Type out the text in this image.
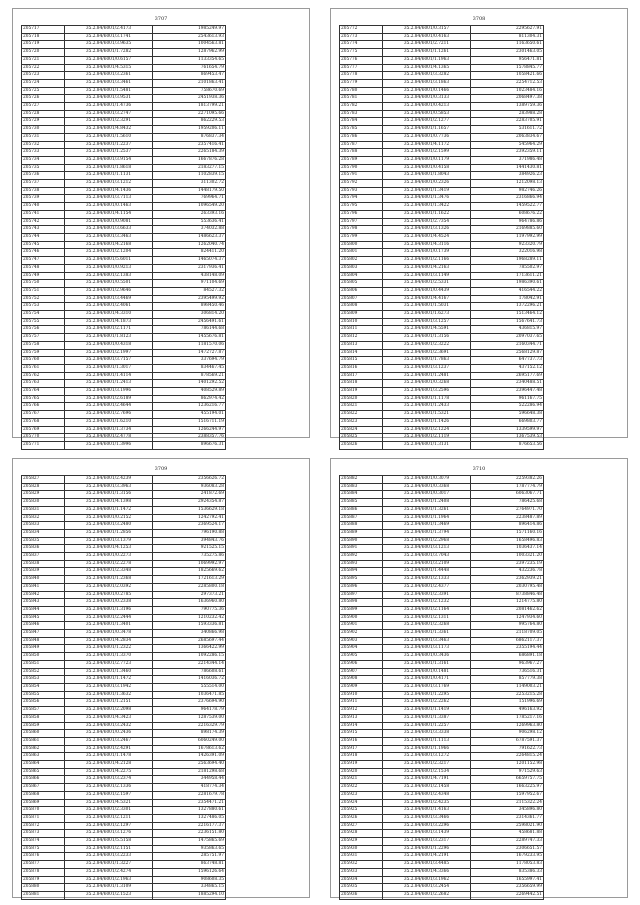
3707
205717	35.2.84/6001/2.4173	1985249.97
205718	35.2.84/6001/3.1741	2543613.93
205719	35.2.84/6001/3.9635	1004563.81
205720	35.2.84/6001/1.7282	1287962.99
205721	35.2.84/6001/0.6157	1133354.65
205722	35.2.84/6001/4.5315	761654.79
205723	35.2.84/6001/3.2361	869453.47
205724	35.2.84/6001/3.3461	2101863.41
205725	35.2.84/6001/1.5481	758670.69
205726	35.2.84/6001/3.9531	2451938.36
205727	35.2.84/6001/1.4736	1813799.21
205728	35.2.84/6001/3.2747	2271095.66
205729	35.2.84/6001/2.3291	862229.53
205730	35.2.84/6001/4.8432	1959206.11
205731	35.2.84/6001/1.5610	876837.34
205732	35.2.84/6001/1.2237	2357416.41
205733	35.2.84/6001/1.2537	2265184.39
205734	35.2.84/6001/3.9154	1667876.28
205735	35.2.84/6001/1.8618	2183277.15
205736	35.2.84/6001/1.1131	1102839.15
205737	35.2.84/6001/3.1212	311302.72
205738	35.2.84/6001/4.1436	1448179.50
205739	35.2.84/6001/3.7113	769964.71
205740	35.2.84/6001/0.1463	1096549.20
205741	35.2.84/6001/4.1154	263393.16
205742	35.2.84/6001/0.9081	553636.41
205743	35.2.84/6001/3.6633	374032.88
205744	35.2.84/6001/3.3463	1486623.37
205745	35.2.84/6001/4.2168	1262040.74
205746	35.2.84/6001/2.1204	824411.20
205747	35.2.84/6001/5.6011	1465074.37
205748	35.2.84/6001/0.9213	2317936.41
205749	35.2.84/6001/2.1383	438148.09
205750	35.2.84/6001/0.5501	971104.69
205751	35.2.84/6001/2.9646	84527.32
205752	35.2.84/6001/3.4469	2395499.92
205753	35.2.84/6001/2.4061	898450.46
205754	35.2.84/6001/4.3310	306814.20
205755	35.2.84/6001/4.1873	2456491.61
205756	35.2.84/6001/2.1171	786144.68
205757	35.2.84/6001/1.8123	1455676.81
205758	35.2.84/6001/0.4318	1181570.06
205759	35.2.84/6001/2.1997	1472727.87
205760	35.2.84/6001/3.7157	337694.79
205761	35.2.84/6001/1.3017	834467.45
205762	35.2.84/6001/1.4114	878569.21
205763	35.2.84/6001/1.2413	1401292.52
205764	35.2.84/6001/3.1996	408529.89
205765	35.2.84/6001/2.6189	862974.42
205766	35.2.84/6001/2.4644	1236216.77
205767	35.2.84/6001/2.7696	455194.01
205768	35.2.84/6001/1.6210	1516711.19
205769	35.2.84/6001/1.3734	1266244.97
205770	35.2.84/6001/2.4778	2388357.76
205771	35.2.84/6001/1.3996	896676.31
3708
205772	35.2.84/6001/0.3157	2295627.91
205773	35.2.84/6001/0.4163	811304.31
205774	35.2.84/6001/2.7211	1163650.61
205775	35.2.84/6001/1.1261	2301463.05
205776	35.2.84/6001/1.1963	956471.81
205777	35.2.84/6001/4.1365	1578845.77
205778	35.2.84/6001/3.3282	1058421.66
205779	35.2.84/6001/3.1863	2254712.53
205780	35.2.84/6001/0.1466	1023484.16
205781	35.2.84/6001/0.3133	2068497.38
205782	35.2.84/6001/0.4213	1389759.36
205783	35.2.84/6001/0.5853	283988.28
205784	35.2.84/6001/2.1277	2283705.91
205785	35.2.84/6001/1.1657	531611.72
205786	35.2.84/6001/0.7736	2063834.67
205787	35.2.84/6001/4.1172	545964.29
205788	35.2.84/6001/2.1599	2392359.11
205789	35.2.84/6001/0.1179	371986.48
205790	35.2.84/6001/0.4158	1441430.81
205791	35.2.84/6001/1.8043	384926.23
205792	35.2.84/6001/0.2326	1212098.13
205793	35.2.84/6001/1.3419	982746.26
205794	35.2.84/6001/1.3476	2316866.94
205795	35.2.84/6001/1.3422	1459522.77
205796	35.2.84/6001/1.1622	608676.22
205797	35.2.84/6001/2.7354	964786.86
205798	35.2.84/6001/3.1326	2169885.60
205799	35.2.84/6001/4.4524	1197992.99
205800	35.2.84/6001/4.3116	923320.79
205801	35.2.84/6001/0.1739	322016.98
205802	35.2.84/6001/2.1166	1968289.11
205803	35.2.84/6001/4.2163	785502.97
205804	35.2.84/6001/3.1149	1713611.21
205805	35.2.84/6001/2.5331	1986390.61
205806	35.2.84/6001/0.4439	416544.22
205807	35.2.84/6001/4.4167	178042.91
205808	35.2.84/6001/1.5031	1372296.21
205809	35.2.84/6001/1.6273	1513464.12
205810	35.2.84/6001/3.1257	1567641.73
205811	35.2.84/6001/4.5591	436815.97
205812	35.2.84/6001/1.3156	2097037.65
205813	35.2.84/6001/2.3222	2160344.71
205814	35.2.84/6001/2.3691	2568129.87
205815	35.2.84/6001/1.7863	647737.73
205816	35.2.84/6001/3.1237	437152.12
205817	35.2.84/6001/1.2481	2695177.69
205818	35.2.84/6001/0.3268	2340488.51
205819	35.2.84/6001/3.2596	2396447.48
205820	35.2.84/6001/1.1178	961167.75
205821	35.2.84/6001/1.2433	522286.94
205822	35.2.84/6001/1.5321	596648.38
205823	35.2.84/6001/1.1426	669803.77
205824	35.2.84/6001/2.1224	1339599.97
205825	35.2.84/6001/2.1119	1367539.53
205826	35.2.84/6001/1.3131	876653.56
3709
205827	35.2.84/6001/2.4239	2356626.72
205828	35.2.84/6001/3.3963	936083.28
205829	35.2.84/6001/1.3156	241872.69
205830	35.2.84/6001/4.1398	2924354.87
205831	35.2.84/6001/1.1472	1536629.18
205832	35.2.84/6001/0.2152	1242792.41
205833	35.2.84/6001/3.2480	2369524.17
205834	35.2.84/6001/1.2856	796190.88
205835	35.2.84/6001/3.1379	394843.76
205836	35.2.84/6001/4.1253	921525.15
205837	35.2.84/6001/0.2273	735275.86
205838	35.2.84/6001/2.2278	1069992.97
205839	35.2.84/6001/2.3348	1825669.62
205840	35.2.84/6001/1.2368	1721613.29
205841	35.2.84/6001/2.0392	2285800.18
205842	35.2.84/6001/0.2785	297373.21
205843	35.2.84/6001/0.2338	1636960.80
205844	35.2.84/6001/1.3196	790775.36
205845	35.2.84/6001/2.2444	1210232.42
205846	35.2.84/6001/1.3401	1593336.81
205847	35.2.84/6001/0.3478	340866.98
205848	35.2.84/6001/4.2834	2685697.44
205849	35.2.84/6001/1.2322	1366422.99
205850	35.2.84/6001/1.3370	1092286.15
205851	35.2.84/6001/2.7723	2214344.14
205852	35.2.84/6001/1.3460	786608.61
205853	35.2.84/6001/1.1472	1416036.72
205854	35.2.84/6001/3.1942	555514.00
205855	35.2.84/6001/1.3632	1036471.85
205856	35.2.84/6001/1.2151	2376694.90
205857	35.2.84/6001/2.2098	964178.79
205858	35.2.84/6001/4.3423	1287539.00
205859	35.2.84/6001/3.2432	2216329.79
205860	35.2.84/6001/0.2436	898174.39
205861	35.2.84/6001/3.2467	6060249.00
205862	35.2.84/6001/2.4291	1678613.62
205863	35.2.84/6001/1.1478	1426391.09
205864	35.2.84/6001/4.2128	2563694.40
205865	35.2.84/6001/4.2275	2181298.68
205866	35.2.84/6001/3.2374	344958.44
205867	35.2.84/6001/2.1336	418774.34
205868	35.2.84/6001/2.1597	2281679.78
205869	35.2.84/6001/4.5321	2354471.21
205870	35.2.84/6001/2.3301	1327880.61
205871	35.2.84/6001/2.1211	1327486.05
205872	35.2.84/6001/2.1297	2216177.37
205873	35.2.84/6001/3.1276	2236151.80
205874	35.2.84/6001/5.5158	1475865.69
205875	35.2.84/6001/2.1151	935863.65
205876	35.2.84/6001/3.2233	285751.97
205877	35.2.84/6001/1.3227	863748.81
205878	35.2.84/6001/2.4274	1596126.64
205879	35.2.84/6001/2.1963	908608.35
205880	35.2.84/6001/1.3109	334865.15
205881	35.2.84/6001/2.1523	1885294.10
3710
205882	35.2.84/6001/0.3079	2259382.26
205883	35.2.84/6001/0.3368	1787774.79
205884	35.2.84/6001/0.3017	6063067.71
205885	35.2.84/6001/1.2408	786425.68
205886	35.2.84/6001/1.3261	2764971.70
205887	35.2.84/6001/1.1964	2238487.89
205888	35.2.84/6001/1.3469	896414.86
205889	35.2.84/6001/1.3794	1571160.16
205890	35.2.84/6001/2.2968	1658496.83
205891	35.2.84/6001/3.1213	1036437.14
205892	35.2.84/6001/3.7043	1003321.20
205893	35.2.84/6001/3.2109	2397235.19
205894	35.2.84/6001/1.4448	432236.78
205895	35.2.84/6001/2.1333	2362939.21
205896	35.2.84/6001/2.4377	2030795.48
205897	35.2.84/6001/2.3391	8738846.48
205898	35.2.84/6001/2.1232	1214775.80
205899	35.2.84/6001/2.1164	2081462.62
205900	35.2.84/6001/2.1311	1247934.60
205901	35.2.84/6001/2.3268	995764.80
205902	35.2.84/6001/1.3361	2118709.05
205903	35.2.84/6001/3.3463	6862117.37
205904	35.2.84/6001/3.1173	2355194.44
205905	35.2.84/6001/0.3436	686891.18
205906	35.2.84/6001/1.3161	963967.27
205907	35.2.84/6001/0.1481	736516.31
205908	35.2.84/6001/0.4171	857779.38
205909	35.2.84/6001/3.1769	1149003.21
205910	35.2.84/6001/1.2295	2253215.28
205911	35.2.84/6001/2.2262	151996.69
205912	35.2.84/6001/1.1419	496163.92
205913	35.2.84/6001/1.3387	1785217.16
205914	35.2.84/6001/1.2257	1269963.80
205915	35.2.84/6001/3.3338	906298.12
205916	35.2.84/6001/1.1113	6787591.37
205917	35.2.84/6001/1.1966	791622.73
205918	35.2.84/6001/3.1272	2264815.24
205919	35.2.84/6001/2.3217	1201152.98
205920	35.2.84/6001/2.1534	971529.63
205921	35.2.84/6001/4.7191	6659757.75
205922	35.2.84/6001/2.1458	1663225.97
205923	35.2.84/6001/2.4348	1597952.67
205924	35.2.84/6001/2.4235	2115322.24
205925	35.2.84/6001/1.4163	345896.80
205926	35.2.84/6001/3.3466	2314361.77
205927	35.2.84/6001/3.2296	2598021.90
205928	35.2.84/6001/3.1439	458681.88
205929	35.2.84/6001/3.2317	2289747.33
205930	35.2.84/6001/1.2296	2306651.57
205931	35.2.84/6001/4.2191	1679233.95
205932	35.2.84/6001/3.4485	1178053.83
205933	35.2.84/6001/4.3366	835386.33
205934	35.2.84/6001/3.1962	1655997.41
205935	35.2.84/6001/3.2454	2356659.99
205936	35.2.84/6001/2.2682	2269442.51
